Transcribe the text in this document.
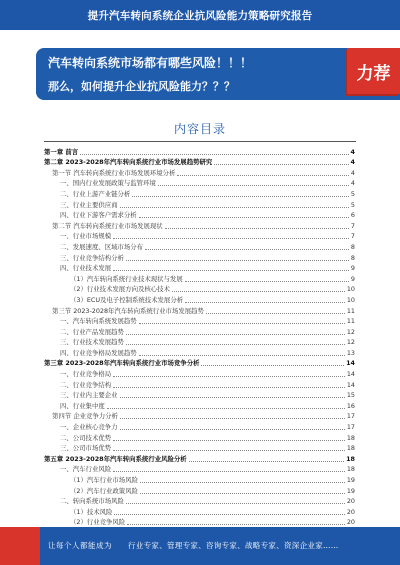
提升汽车转向系统企业抗风险能力策略研究报告
汽车转向系统市场都有哪些风险！！！
那么，如何提升企业抗风险能力？？？
力荐
内容目录
第一章 前言	4
第二章 2023-2028年汽车转向系统行业市场发展趋势研究	4
第一节 汽车转向系统行业市场发展环境分析	4
一、国内行业发展政策与监管环境	4
二、行业上游产业链分析	5
三、行业主要供应商	5
四、行业下游客户需求分析	6
第二节 汽车转向系统行业市场发展现状	7
一、行业市场规模	7
二、发展速度、区域市场分布	8
三、行业竞争结构分析	8
四、行业技术发展	9
（1）汽车转向系统行业技术现状与发展	9
（2）行业技术发展方向及核心技术	10
（3）ECU及电子控制系统技术发展分析	10
第三节 2023-2028年汽车转向系统行业市场发展趋势	11
一、汽车转向系统发展趋势	11
二、行业产品发展趋势	12
三、行业技术发展趋势	12
四、行业竞争格局发展趋势	13
第三章 2023-2028年汽车转向系统行业市场竞争分析	14
一、行业竞争格局	14
二、行业竞争结构	14
三、行业内主要企业	15
四、行业集中度	16
第四节 企业竞争力分析	17
一、企业核心竞争力	17
二、公司技术优势	18
三、公司市场优势	18
第五章 2023-2028年汽车转向系统行业风险分析	18
一、汽车行业风险	18
（1）汽车行业市场风险	19
（2）汽车行业政策风险	19
二、转向系统市场风险	20
（1）技术风险	20
（2）行业竞争风险	20
让每个人都能成为 行业专家、管理专家、咨询专家、战略专家、资深企业家……
